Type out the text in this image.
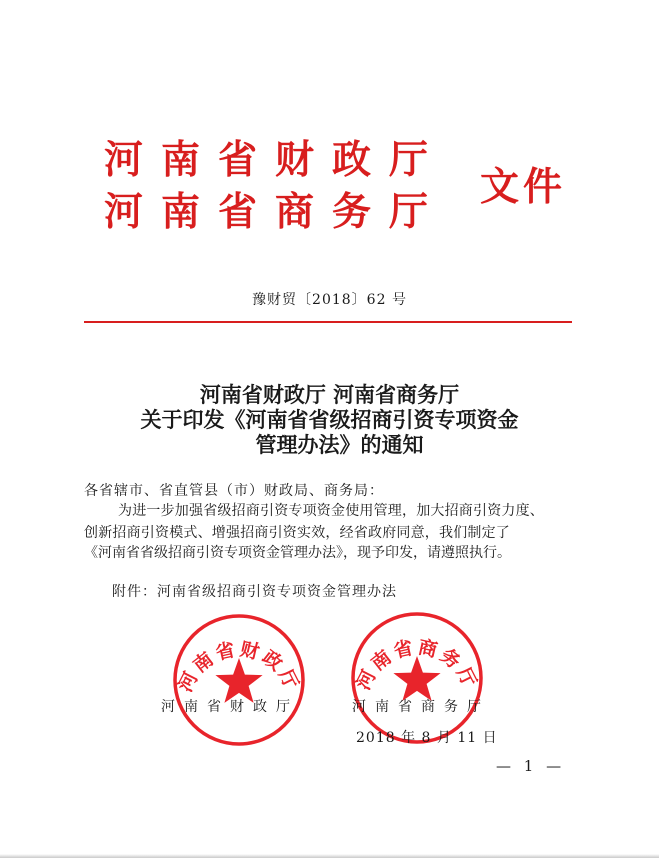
河南省财政厅
河南省商务厅
文件
豫财贸〔2018〕62 号
河南省财政厅 河南省商务厅
关于印发《河南省省级招商引资专项资金
管理办法》的通知
各省辖市、省直管县（市）财政局、商务局：
为进一步加强省级招商引资专项资金使用管理，加大招商引资力度、
创新招商引资模式、增强招商引资实效，经省政府同意，我们制定了
《河南省省级招商引资专项资金管理办法》，现予印发，请遵照执行。
附件：河南省级招商引资专项资金管理办法
河南省财政厅	河南省商务厅
河南省财政厅	河南省商务厅
2018 年 8 月 11 日
— 1 —
